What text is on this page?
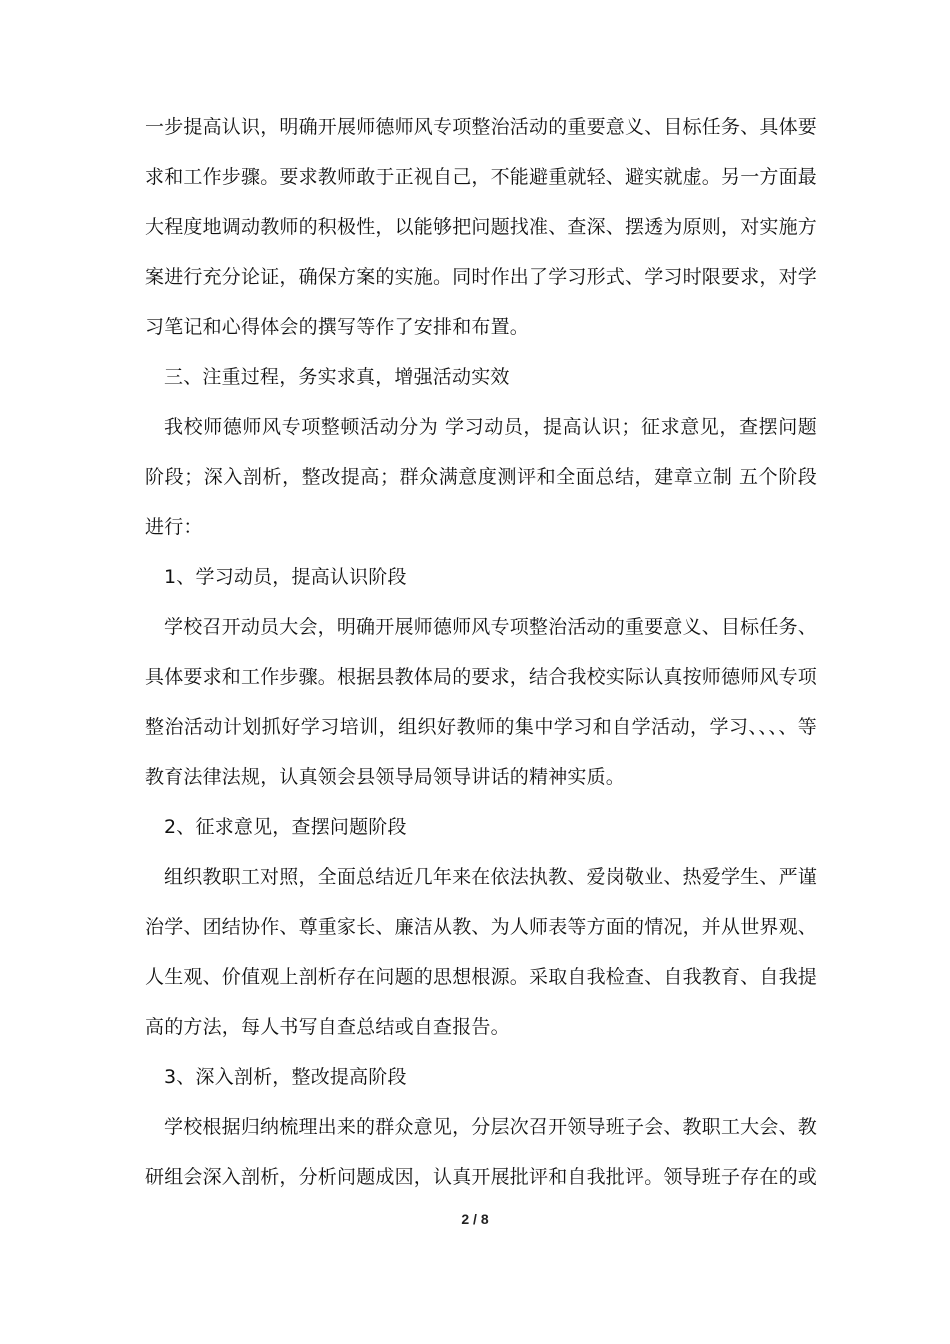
一步提高认识，明确开展师德师风专项整治活动的重要意义、目标任务、具体要求和工作步骤。要求教师敢于正视自己，不能避重就轻、避实就虚。另一方面最大程度地调动教师的积极性，以能够把问题找准、查深、摆透为原则，对实施方案进行充分论证，确保方案的实施。同时作出了学习形式、学习时限要求，对学习笔记和心得体会的撰写等作了安排和布置。

三、注重过程，务实求真，增强活动实效

我校师德师风专项整顿活动分为 学习动员，提高认识；征求意见，查摆问题阶段；深入剖析，整改提高；群众满意度测评和全面总结，建章立制 五个阶段进行：

1、学习动员，提高认识阶段

学校召开动员大会，明确开展师德师风专项整治活动的重要意义、目标任务、具体要求和工作步骤。根据县教体局的要求，结合我校实际认真按师德师风专项整治活动计划抓好学习培训，组织好教师的集中学习和自学活动，学习、、、、等教育法律法规，认真领会县领导局领导讲话的精神实质。

2、征求意见，查摆问题阶段

组织教职工对照，全面总结近几年来在依法执教、爱岗敬业、热爱学生、严谨治学、团结协作、尊重家长、廉洁从教、为人师表等方面的情况，并从世界观、人生观、价值观上剖析存在问题的思想根源。采取自我检查、自我教育、自我提高的方法，每人书写自查总结或自查报告。

3、深入剖析，整改提高阶段

学校根据归纳梳理出来的群众意见，分层次召开领导班子会、教职工大会、教研组会深入剖析，分析问题成因，认真开展批评和自我批评。领导班子存在的或

2 / 8
